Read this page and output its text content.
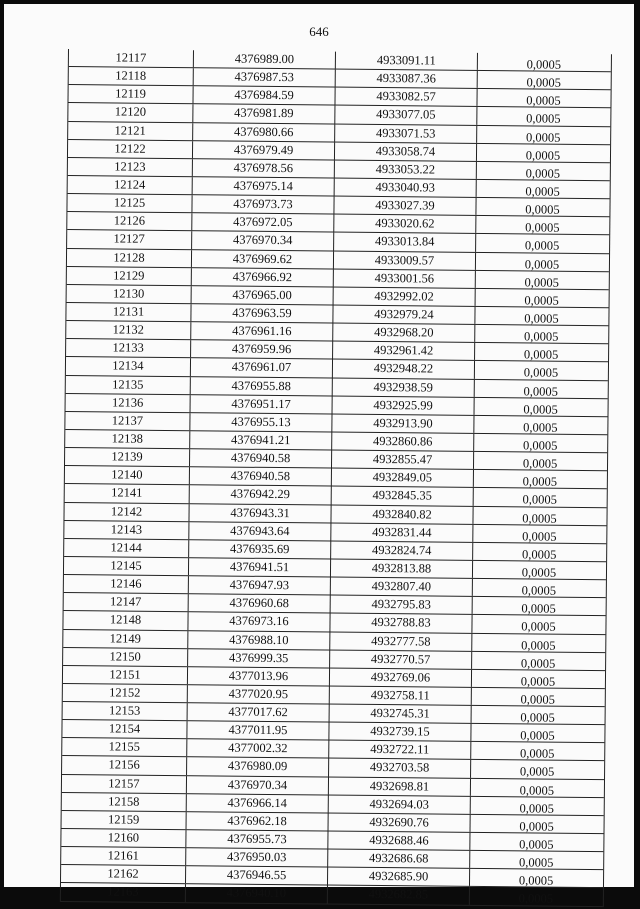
646
12117	4376989.00	4933091.11	0,0005
12118	4376987.53	4933087.36	0,0005
12119	4376984.59	4933082.57	0,0005
12120	4376981.89	4933077.05	0,0005
12121	4376980.66	4933071.53	0,0005
12122	4376979.49	4933058.74	0,0005
12123	4376978.56	4933053.22	0,0005
12124	4376975.14	4933040.93	0,0005
12125	4376973.73	4933027.39	0,0005
12126	4376972.05	4933020.62	0,0005
12127	4376970.34	4933013.84	0,0005
12128	4376969.62	4933009.57	0,0005
12129	4376966.92	4933001.56	0,0005
12130	4376965.00	4932992.02	0,0005
12131	4376963.59	4932979.24	0,0005
12132	4376961.16	4932968.20	0,0005
12133	4376959.96	4932961.42	0,0005
12134	4376961.07	4932948.22	0,0005
12135	4376955.88	4932938.59	0,0005
12136	4376951.17	4932925.99	0,0005
12137	4376955.13	4932913.90	0,0005
12138	4376941.21	4932860.86	0,0005
12139	4376940.58	4932855.47	0,0005
12140	4376940.58	4932849.05	0,0005
12141	4376942.29	4932845.35	0,0005
12142	4376943.31	4932840.82	0,0005
12143	4376943.64	4932831.44	0,0005
12144	4376935.69	4932824.74	0,0005
12145	4376941.51	4932813.88	0,0005
12146	4376947.93	4932807.40	0,0005
12147	4376960.68	4932795.83	0,0005
12148	4376973.16	4932788.83	0,0005
12149	4376988.10	4932777.58	0,0005
12150	4376999.35	4932770.57	0,0005
12151	4377013.96	4932769.06	0,0005
12152	4377020.95	4932758.11	0,0005
12153	4377017.62	4932745.31	0,0005
12154	4377011.95	4932739.15	0,0005
12155	4377002.32	4932722.11	0,0005
12156	4376980.09	4932703.58	0,0005
12157	4376970.34	4932698.81	0,0005
12158	4376966.14	4932694.03	0,0005
12159	4376962.18	4932690.76	0,0005
12160	4376955.73	4932688.46	0,0005
12161	4376950.03	4932686.68	0,0005
12162	4376946.55	4932685.90	0,0005
12163	4376940.10	4932682.85	0,0005
